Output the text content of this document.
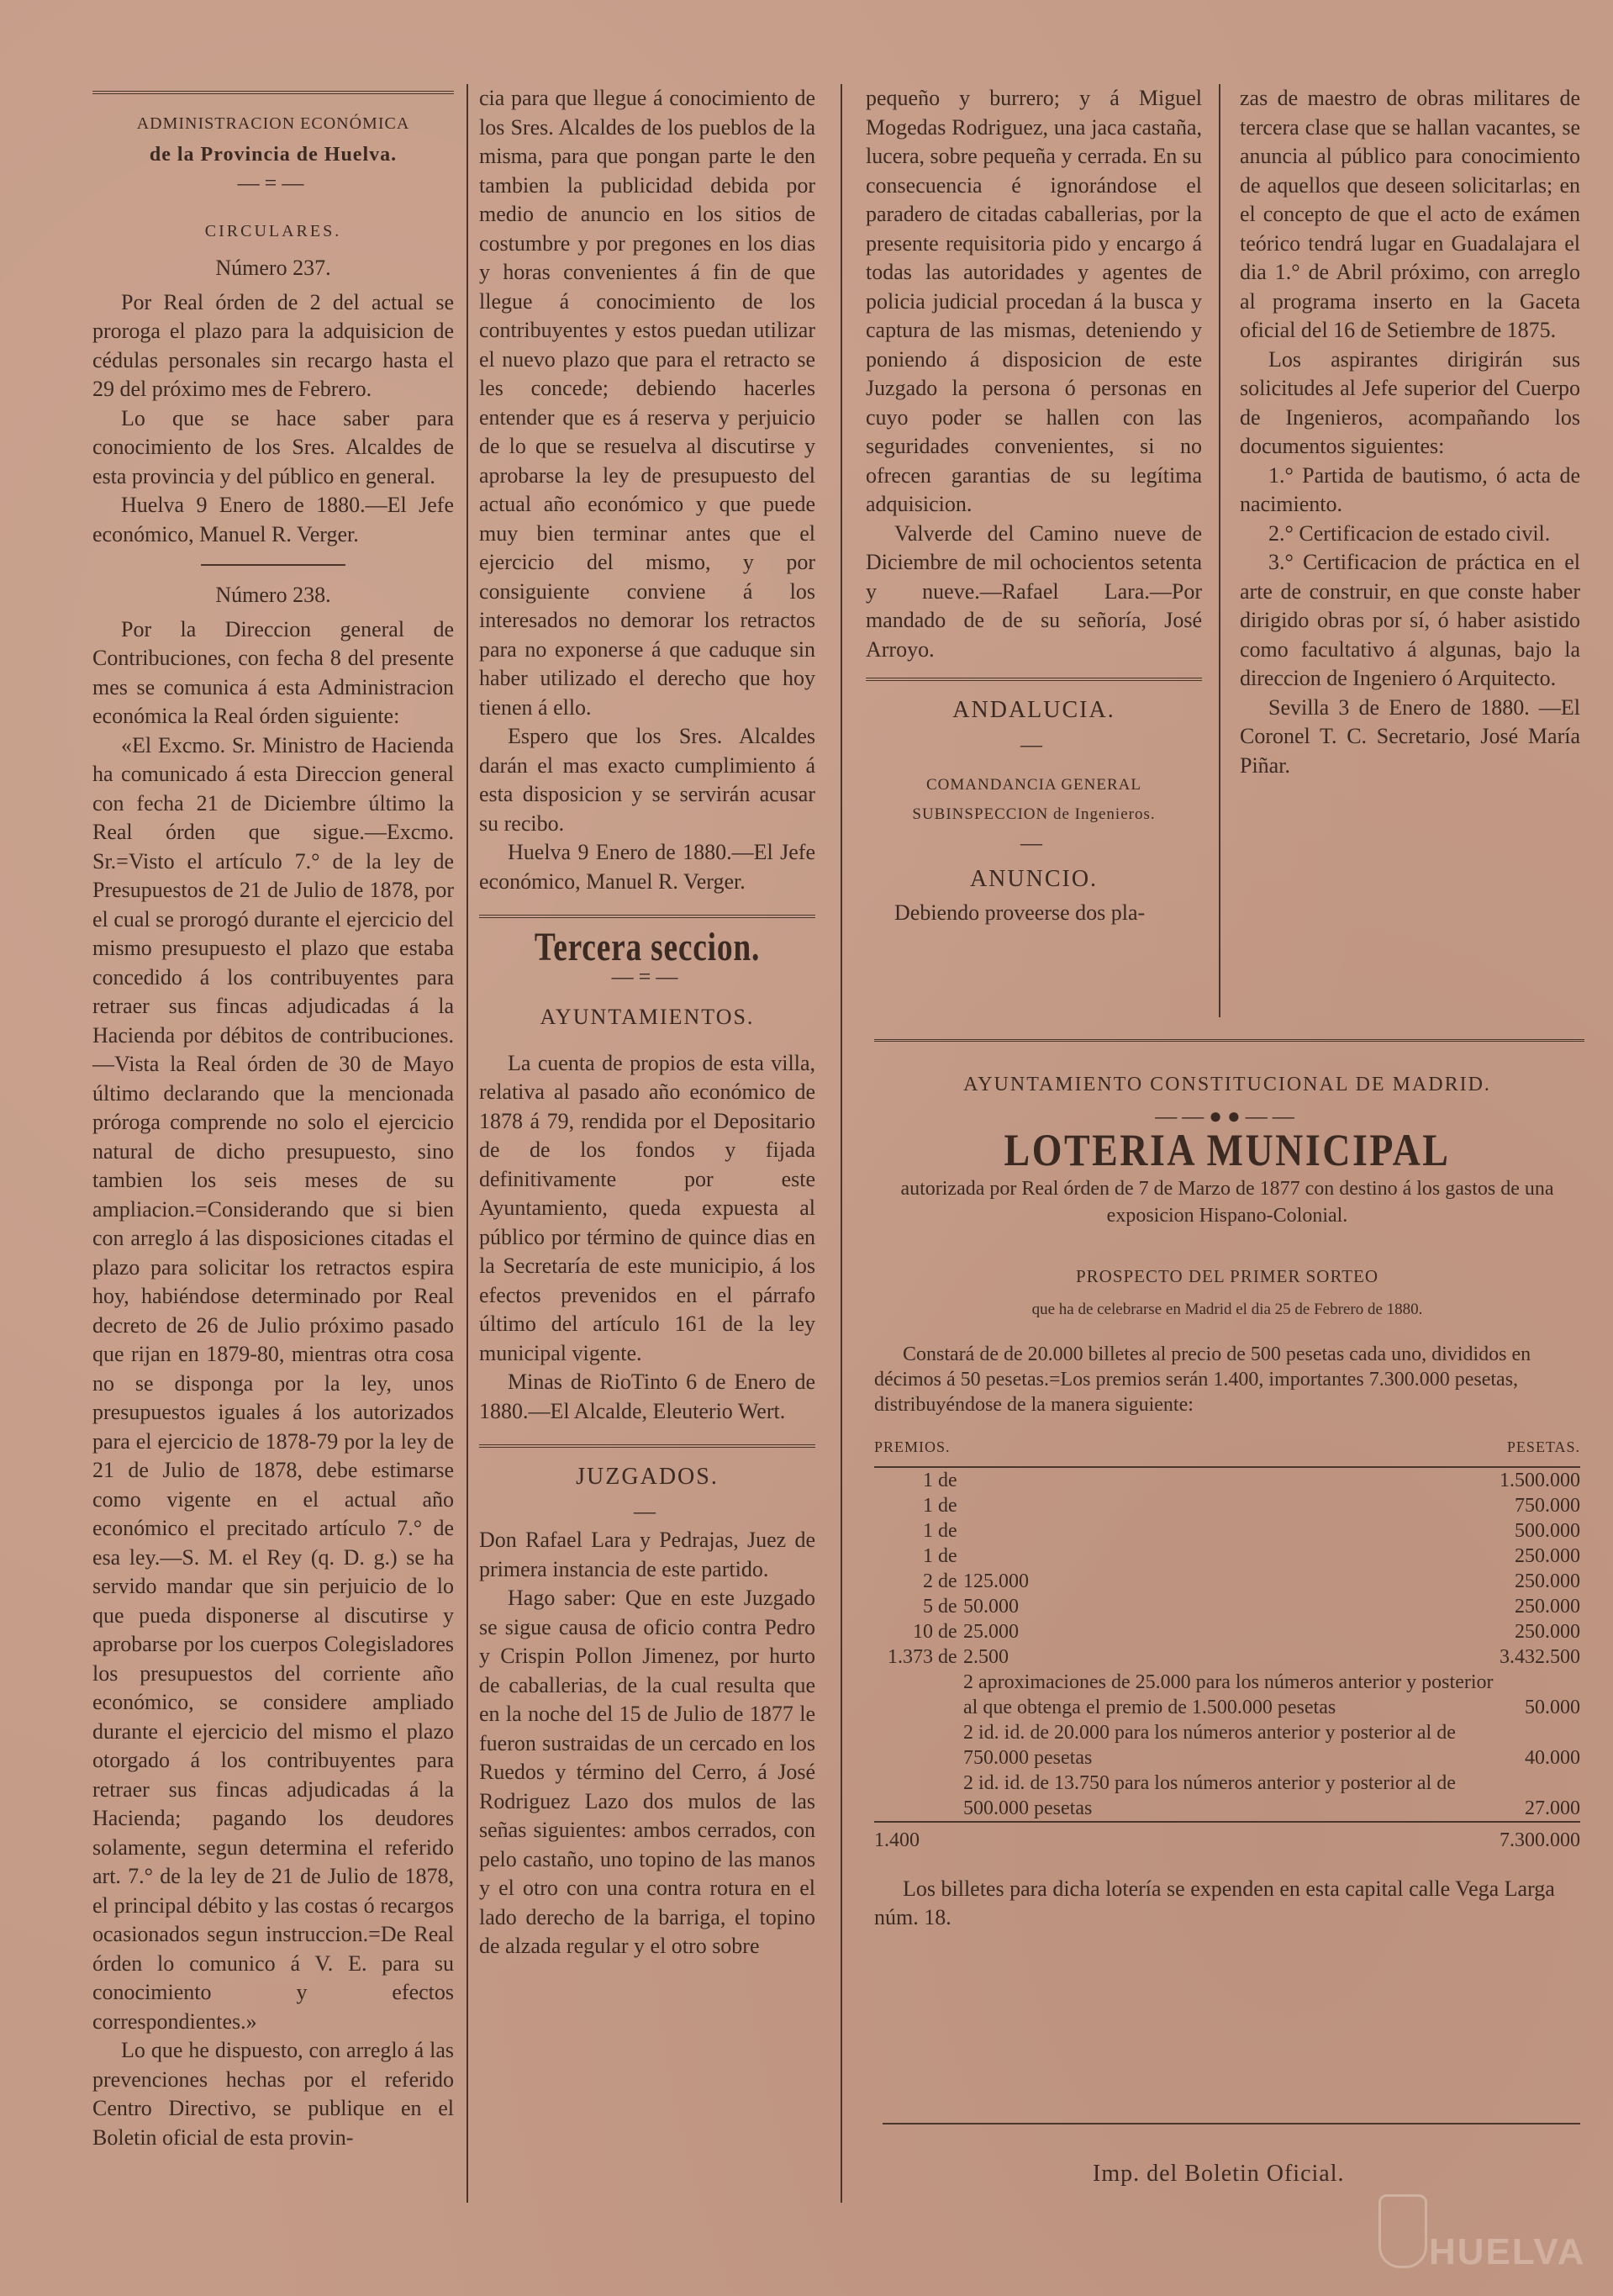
ADMINISTRACION ECONÓMICA
de la Provincia de Huelva.
—=—
CIRCULARES.

Número 237.

Por Real órden de 2 del actual se proroga el plazo para la adquisicion de cédulas personales sin recargo hasta el 29 del próximo mes de Febrero.

Lo que se hace saber para conocimiento de los Sres. Alcaldes de esta provincia y del público en general.

Huelva 9 Enero de 1880.—El Jefe económico, Manuel R. Verger.

Número 238.

Por la Direccion general de Contribuciones, con fecha 8 del presente mes se comunica á esta Administracion económica la Real órden siguiente:

«El Excmo. Sr. Ministro de Hacienda ha comunicado á esta Direccion general con fecha 21 de Diciembre último la Real órden que sigue.—Excmo. Sr.=Visto el artículo 7.° de la ley de Presupuestos de 21 de Julio de 1878, por el cual se prorogó durante el ejercicio del mismo presupuesto el plazo que estaba concedido á los contribuyentes para retraer sus fincas adjudicadas á la Hacienda por débitos de contribuciones.—Vista la Real órden de 30 de Mayo último declarando que la mencionada próroga comprende no solo el ejercicio natural de dicho presupuesto, sino tambien los seis meses de su ampliacion.=Considerando que si bien con arreglo á las disposiciones citadas el plazo para solicitar los retractos espira hoy, habiéndose determinado por Real decreto de 26 de Julio próximo pasado que rijan en 1879-80, mientras otra cosa no se disponga por la ley, unos presupuestos iguales á los autorizados para el ejercicio de 1878-79 por la ley de 21 de Julio de 1878, debe estimarse como vigente en el actual año económico el precitado artículo 7.° de esa ley.—S. M. el Rey (q. D. g.) se ha servido mandar que sin perjuicio de lo que pueda disponerse al discutirse y aprobarse por los cuerpos Colegisladores los presupuestos del corriente año económico, se considere ampliado durante el ejercicio del mismo el plazo otorgado á los contribuyentes para retraer sus fincas adjudicadas á la Hacienda; pagando los deudores solamente, segun determina el referido art. 7.° de la ley de 21 de Julio de 1878, el principal débito y las costas ó recargos ocasionados segun instruccion.=De Real órden lo comunico á V. E. para su conocimiento y efectos correspondientes.»

Lo que he dispuesto, con arreglo á las prevenciones hechas por el referido Centro Directivo, se publique en el Boletin oficial de esta provin-

cia para que llegue á conocimiento de los Sres. Alcaldes de los pueblos de la misma, para que pongan parte le den tambien la publicidad debida por medio de anuncio en los sitios de costumbre y por pregones en los dias y horas convenientes á fin de que llegue á conocimiento de los contribuyentes y estos puedan utilizar el nuevo plazo que para el retracto se les concede; debiendo hacerles entender que es á reserva y perjuicio de lo que se resuelva al discutirse y aprobarse la ley de presupuesto del actual año económico y que puede muy bien terminar antes que el ejercicio del mismo, y por consiguiente conviene á los interesados no demorar los retractos para no exponerse á que caduque sin haber utilizado el derecho que hoy tienen á ello.

Espero que los Sres. Alcaldes darán el mas exacto cumplimiento á esta disposicion y se servirán acusar su recibo.

Huelva 9 Enero de 1880.—El Jefe económico, Manuel R. Verger.

Tercera seccion.
—=—
AYUNTAMIENTOS.

La cuenta de propios de esta villa, relativa al pasado año económico de 1878 á 79, rendida por el Depositario de de los fondos y fijada definitivamente por este Ayuntamiento, queda expuesta al público por término de quince dias en la Secretaría de este municipio, á los efectos prevenidos en el párrafo último del artículo 161 de la ley municipal vigente.

Minas de RioTinto 6 de Enero de 1880.—El Alcalde, Eleuterio Wert.

JUZGADOS.
—

Don Rafael Lara y Pedrajas, Juez de primera instancia de este partido.

Hago saber: Que en este Juzgado se sigue causa de oficio contra Pedro y Crispin Pollon Jimenez, por hurto de caballerias, de la cual resulta que en la noche del 15 de Julio de 1877 le fueron sustraidas de un cercado en los Ruedos y término del Cerro, á José Rodriguez Lazo dos mulos de las señas siguientes: ambos cerrados, con pelo castaño, uno topino de las manos y el otro con una contra rotura en el lado derecho de la barriga, el topino de alzada regular y el otro sobre

pequeño y burrero; y á Miguel Mogedas Rodriguez, una jaca castaña, lucera, sobre pequeña y cerrada. En su consecuencia é ignorándose el paradero de citadas caballerias, por la presente requisitoria pido y encargo á todas las autoridades y agentes de policia judicial procedan á la busca y captura de las mismas, deteniendo y poniendo á disposicion de este Juzgado la persona ó personas en cuyo poder se hallen con las seguridades convenientes, si no ofrecen garantias de su legítima adquisicion.

Valverde del Camino nueve de Diciembre de mil ochocientos setenta y nueve.—Rafael Lara.—Por mandado de de su señoría, José Arroyo.

ANDALUCIA.
—
COMANDANCIA GENERAL SUBINSPECCION de Ingenieros.
—
ANUNCIO.

Debiendo proveerse dos pla-

zas de maestro de obras militares de tercera clase que se hallan vacantes, se anuncia al público para conocimiento de aquellos que deseen solicitarlas; en el concepto de que el acto de exámen teórico tendrá lugar en Guadalajara el dia 1.° de Abril próximo, con arreglo al programa inserto en la Gaceta oficial del 16 de Setiembre de 1875.

Los aspirantes dirigirán sus solicitudes al Jefe superior del Cuerpo de Ingenieros, acompañando los documentos siguientes:

1.° Partida de bautismo, ó acta de nacimiento.

2.° Certificacion de estado civil.

3.° Certificacion de práctica en el arte de construir, en que conste haber dirigido obras por sí, ó haber asistido como facultativo á algunas, bajo la direccion de Ingeniero ó Arquitecto.

Sevilla 3 de Enero de 1880. —El Coronel T. C. Secretario, José María Piñar.

AYUNTAMIENTO CONSTITUCIONAL DE MADRID.
——●●——
LOTERIA MUNICIPAL
autorizada por Real órden de 7 de Marzo de 1877 con destino á los gastos de una exposicion Hispano-Colonial.
PROSPECTO DEL PRIMER SORTEO
que ha de celebrarse en Madrid el dia 25 de Febrero de 1880.

Constará de de 20.000 billetes al precio de 500 pesetas cada uno, divididos en décimos á 50 pesetas.=Los premios serán 1.400, importantes 7.300.000 pesetas, distribuyéndose de la manera siguiente:

PREMIOS.			PESETAS.
1	de		1.500.000
1	de		750.000
1	de		500.000
1	de		250.000
2	de	125.000	250.000
5	de	50.000	250.000
10	de	25.000	250.000
1.373	de	2.500	3.432.500
	2 aproximaciones de 25.000 para los números anterior y posterior al que obtenga el premio de 1.500.000 pesetas		50.000
	2 id. id. de 20.000 para los números anterior y posterior al de 750.000 pesetas		40.000
	2 id. id. de 13.750 para los números anterior y posterior al de 500.000 pesetas		27.000
1.400			7.300.000

Los billetes para dicha lotería se expenden en esta capital calle Vega Larga núm. 18.

Imp. del Boletin Oficial.
HUELVA
